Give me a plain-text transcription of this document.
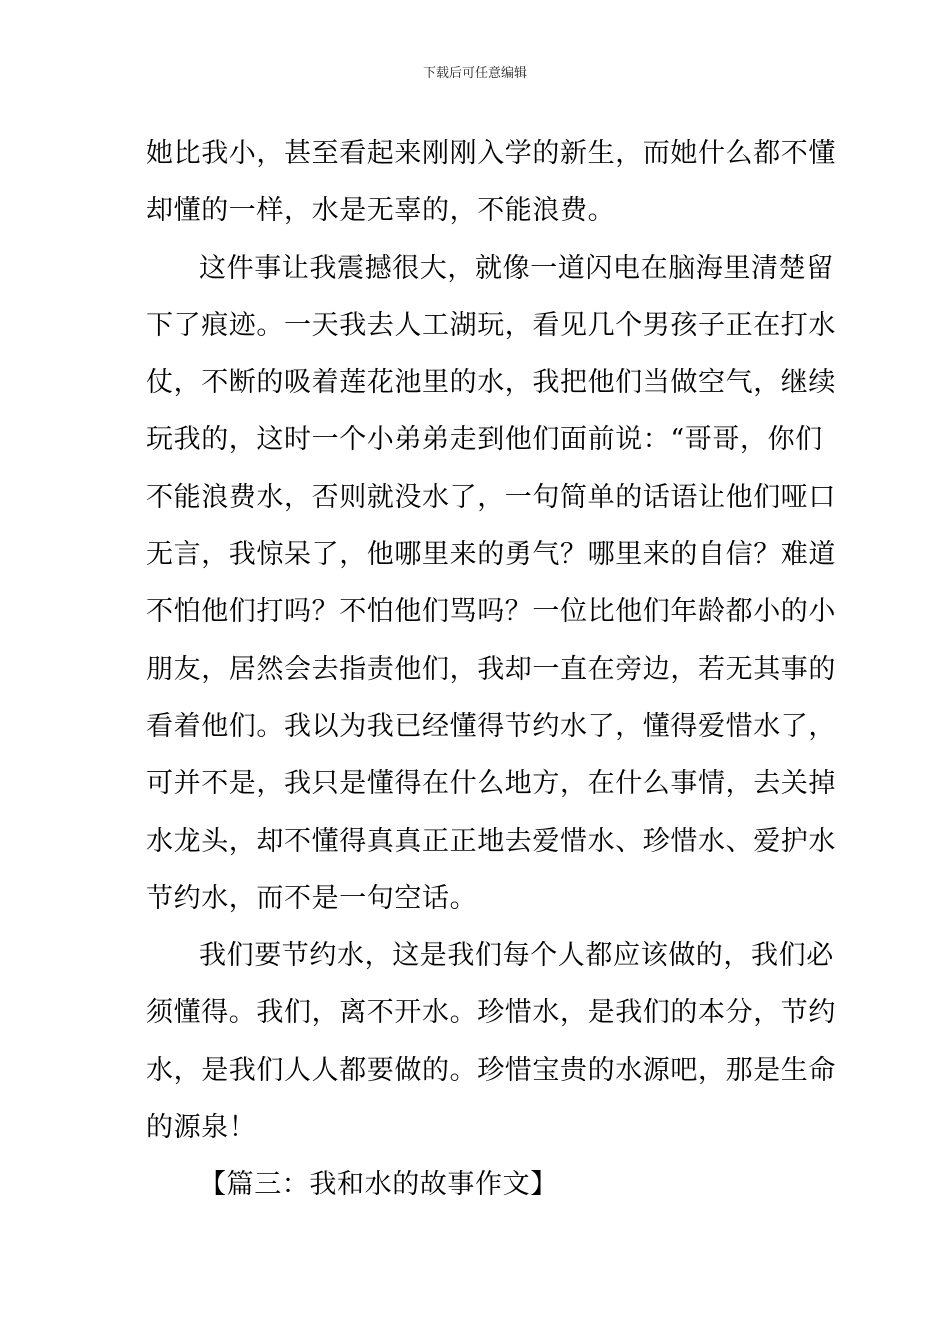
下载后可任意编辑
她比我小，甚至看起来刚刚入学的新生，而她什么都不懂
却懂的一样，水是无辜的，不能浪费。
这件事让我震撼很大，就像一道闪电在脑海里清楚留
下了痕迹。一天我去人工湖玩，看见几个男孩子正在打水
仗，不断的吸着莲花池里的水，我把他们当做空气，继续
玩我的，这时一个小弟弟走到他们面前说：“哥哥，你们
不能浪费水，否则就没水了，一句简单的话语让他们哑口
无言，我惊呆了，他哪里来的勇气？哪里来的自信？难道
不怕他们打吗？不怕他们骂吗？一位比他们年龄都小的小
朋友，居然会去指责他们，我却一直在旁边，若无其事的
看着他们。我以为我已经懂得节约水了，懂得爱惜水了，
可并不是，我只是懂得在什么地方，在什么事情，去关掉
水龙头，却不懂得真真正正地去爱惜水、珍惜水、爱护水
节约水，而不是一句空话。
我们要节约水，这是我们每个人都应该做的，我们必
须懂得。我们，离不开水。珍惜水，是我们的本分，节约
水，是我们人人都要做的。珍惜宝贵的水源吧，那是生命
的源泉！
【篇三：我和水的故事作文】
